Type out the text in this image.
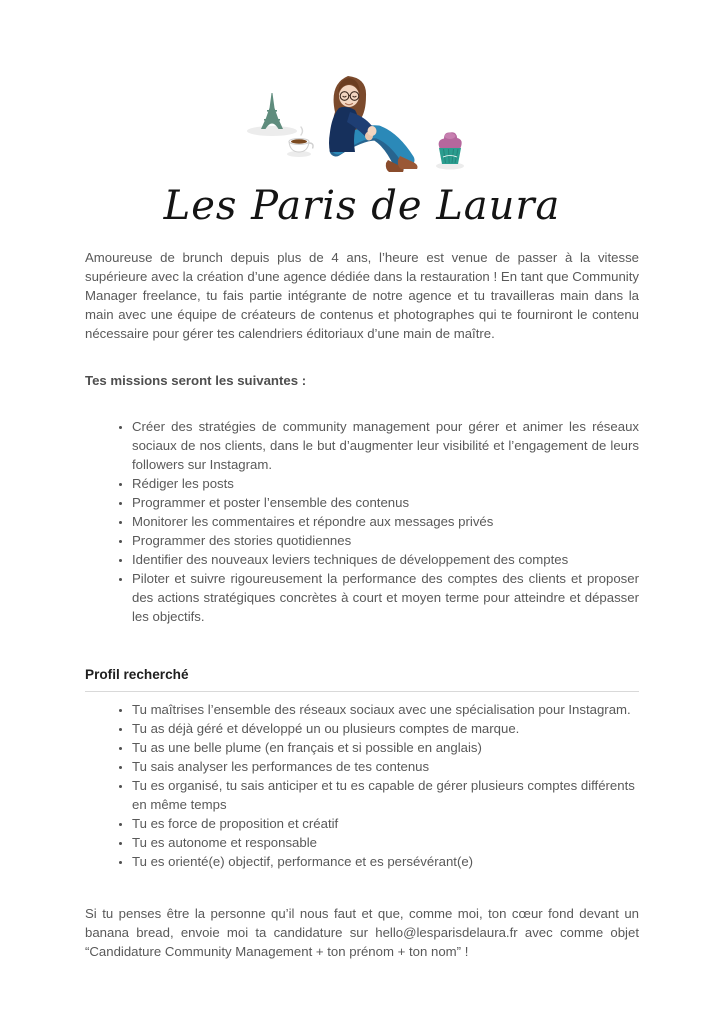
Les Paris de Laura

Amoureuse de brunch depuis plus de 4 ans, l’heure est venue de passer à la vitesse supérieure avec la création d’une agence dédiée dans la restauration ! En tant que Community Manager freelance, tu fais partie intégrante de notre agence et tu travailleras main dans la main avec une équipe de créateurs de contenus et photographes qui te fourniront le contenu nécessaire pour gérer tes calendriers éditoriaux d’une main de maître.

Tes missions seront les suivantes :

• Créer des stratégies de community management pour gérer et animer les réseaux sociaux de nos clients, dans le but d’augmenter leur visibilité et l’engagement de leurs followers sur Instagram.
• Rédiger les posts
• Programmer et poster l’ensemble des contenus
• Monitorer les commentaires et répondre aux messages privés
• Programmer des stories quotidiennes
• Identifier des nouveaux leviers techniques de développement des comptes
• Piloter et suivre rigoureusement la performance des comptes des clients et proposer des actions stratégiques concrètes à court et moyen terme pour atteindre et dépasser les objectifs.

Profil recherché

• Tu maîtrises l’ensemble des réseaux sociaux avec une spécialisation pour Instagram.
• Tu as déjà géré et développé un ou plusieurs comptes de marque.
• Tu as une belle plume (en français et si possible en anglais)
• Tu sais analyser les performances de tes contenus
• Tu es organisé, tu sais anticiper et tu es capable de gérer plusieurs comptes différents en même temps
• Tu es force de proposition et créatif
• Tu es autonome et responsable
• Tu es orienté(e) objectif, performance et es persévérant(e)

Si tu penses être la personne qu’il nous faut et que, comme moi, ton cœur fond devant un banana bread, envoie moi ta candidature sur hello@lesparisdelaura.fr avec comme objet “Candidature Community Management + ton prénom + ton nom” !
